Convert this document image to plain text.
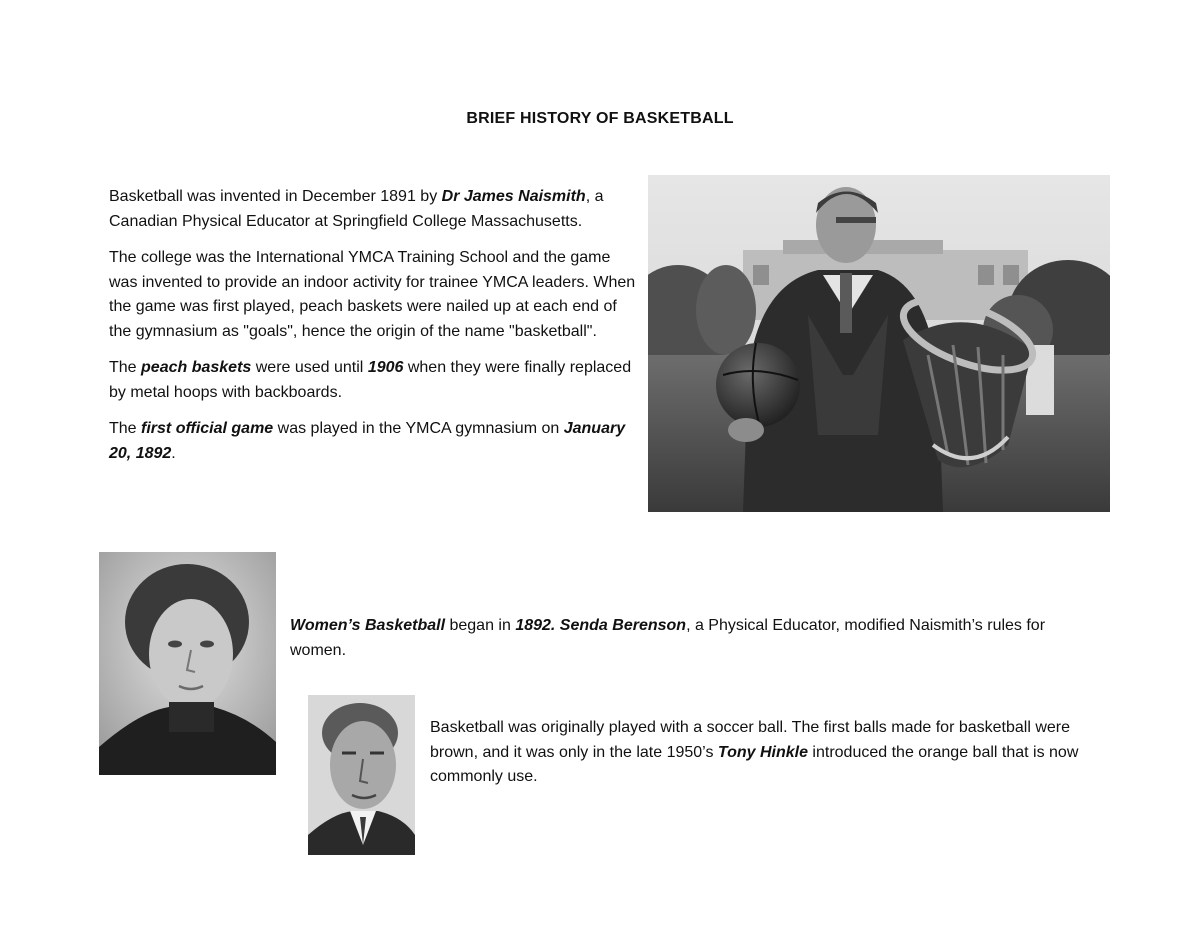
BRIEF HISTORY OF BASKETBALL

Basketball was invented in December 1891 by Dr James Naismith, a Canadian Physical Educator at Springfield College Massachusetts.

The college was the International YMCA Training School and the game was invented to provide an indoor activity for trainee YMCA leaders. When the game was first played, peach baskets were nailed up at each end of the gymnasium as "goals", hence the origin of the name "basketball".

The peach baskets were used until 1906 when they were finally replaced by metal hoops with backboards.

The first official game was played in the YMCA gymnasium on January 20, 1892.

Women’s Basketball began in 1892. Senda Berenson, a Physical Educator, modified Naismith’s rules for women.

Basketball was originally played with a soccer ball. The first balls made for basketball were brown, and it was only in the late 1950’s Tony Hinkle introduced the orange ball that is now commonly use.
